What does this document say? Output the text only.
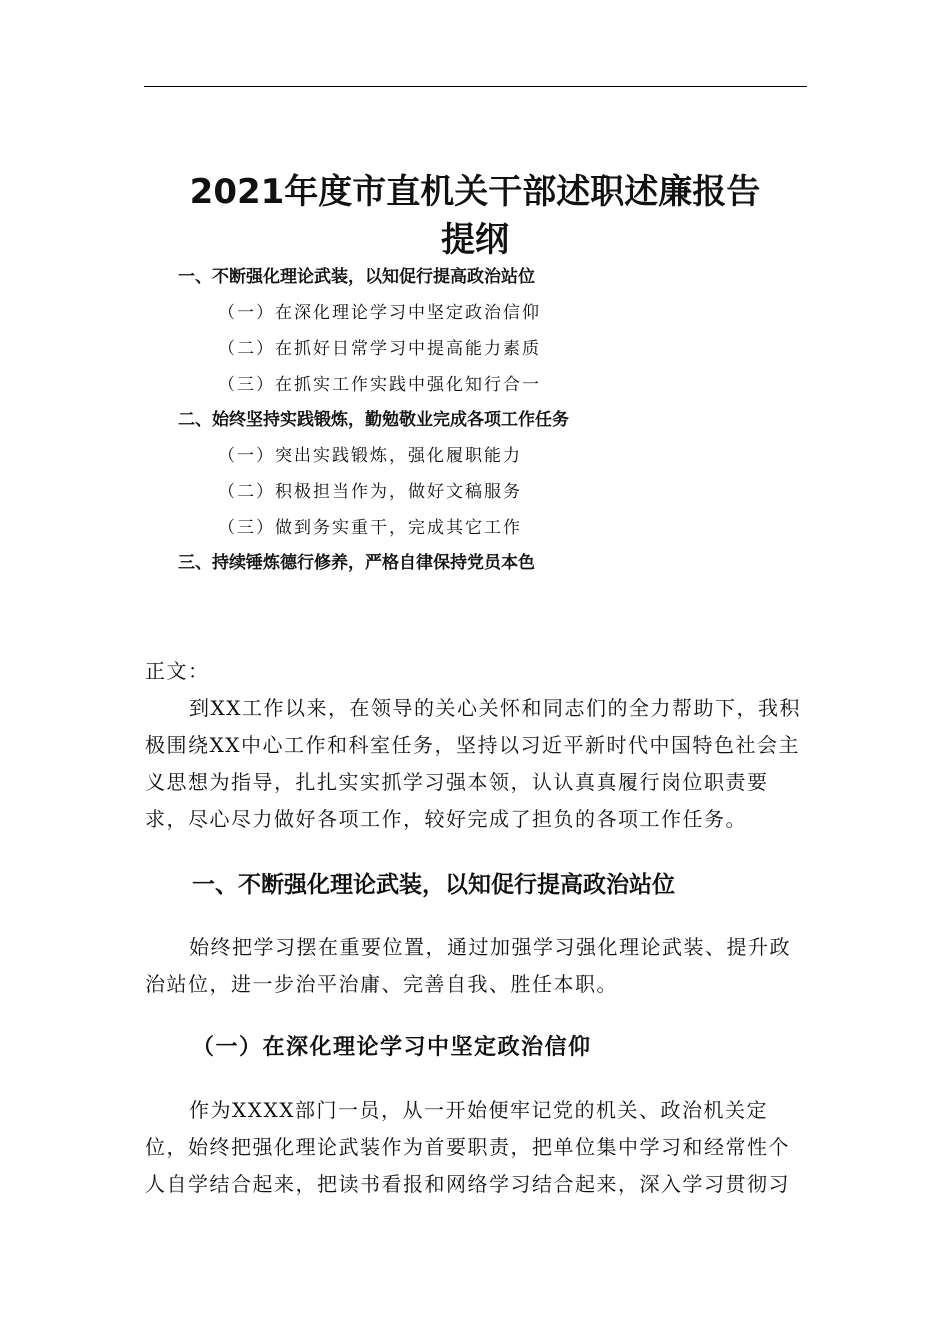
2021年度市直机关干部述职述廉报告
提纲
一、不断强化理论武装，以知促行提高政治站位
（一）在深化理论学习中坚定政治信仰
（二）在抓好日常学习中提高能力素质
（三）在抓实工作实践中强化知行合一
二、始终坚持实践锻炼，勤勉敬业完成各项工作任务
（一）突出实践锻炼，强化履职能力
（二）积极担当作为，做好文稿服务
（三）做到务实重干，完成其它工作
三、持续锤炼德行修养，严格自律保持党员本色

正文：

到XX工作以来，在领导的关心关怀和同志们的全力帮助下，我积极围绕XX中心工作和科室任务，坚持以习近平新时代中国特色社会主义思想为指导，扎扎实实抓学习强本领，认认真真履行岗位职责要求，尽心尽力做好各项工作，较好完成了担负的各项工作任务。

一、不断强化理论武装，以知促行提高政治站位

始终把学习摆在重要位置，通过加强学习强化理论武装、提升政治站位，进一步治平治庸、完善自我、胜任本职。

（一）在深化理论学习中坚定政治信仰

作为XXXX部门一员，从一开始便牢记党的机关、政治机关定位，始终把强化理论武装作为首要职责，把单位集中学习和经常性个人自学结合起来，把读书看报和网络学习结合起来，深入学习贯彻习
